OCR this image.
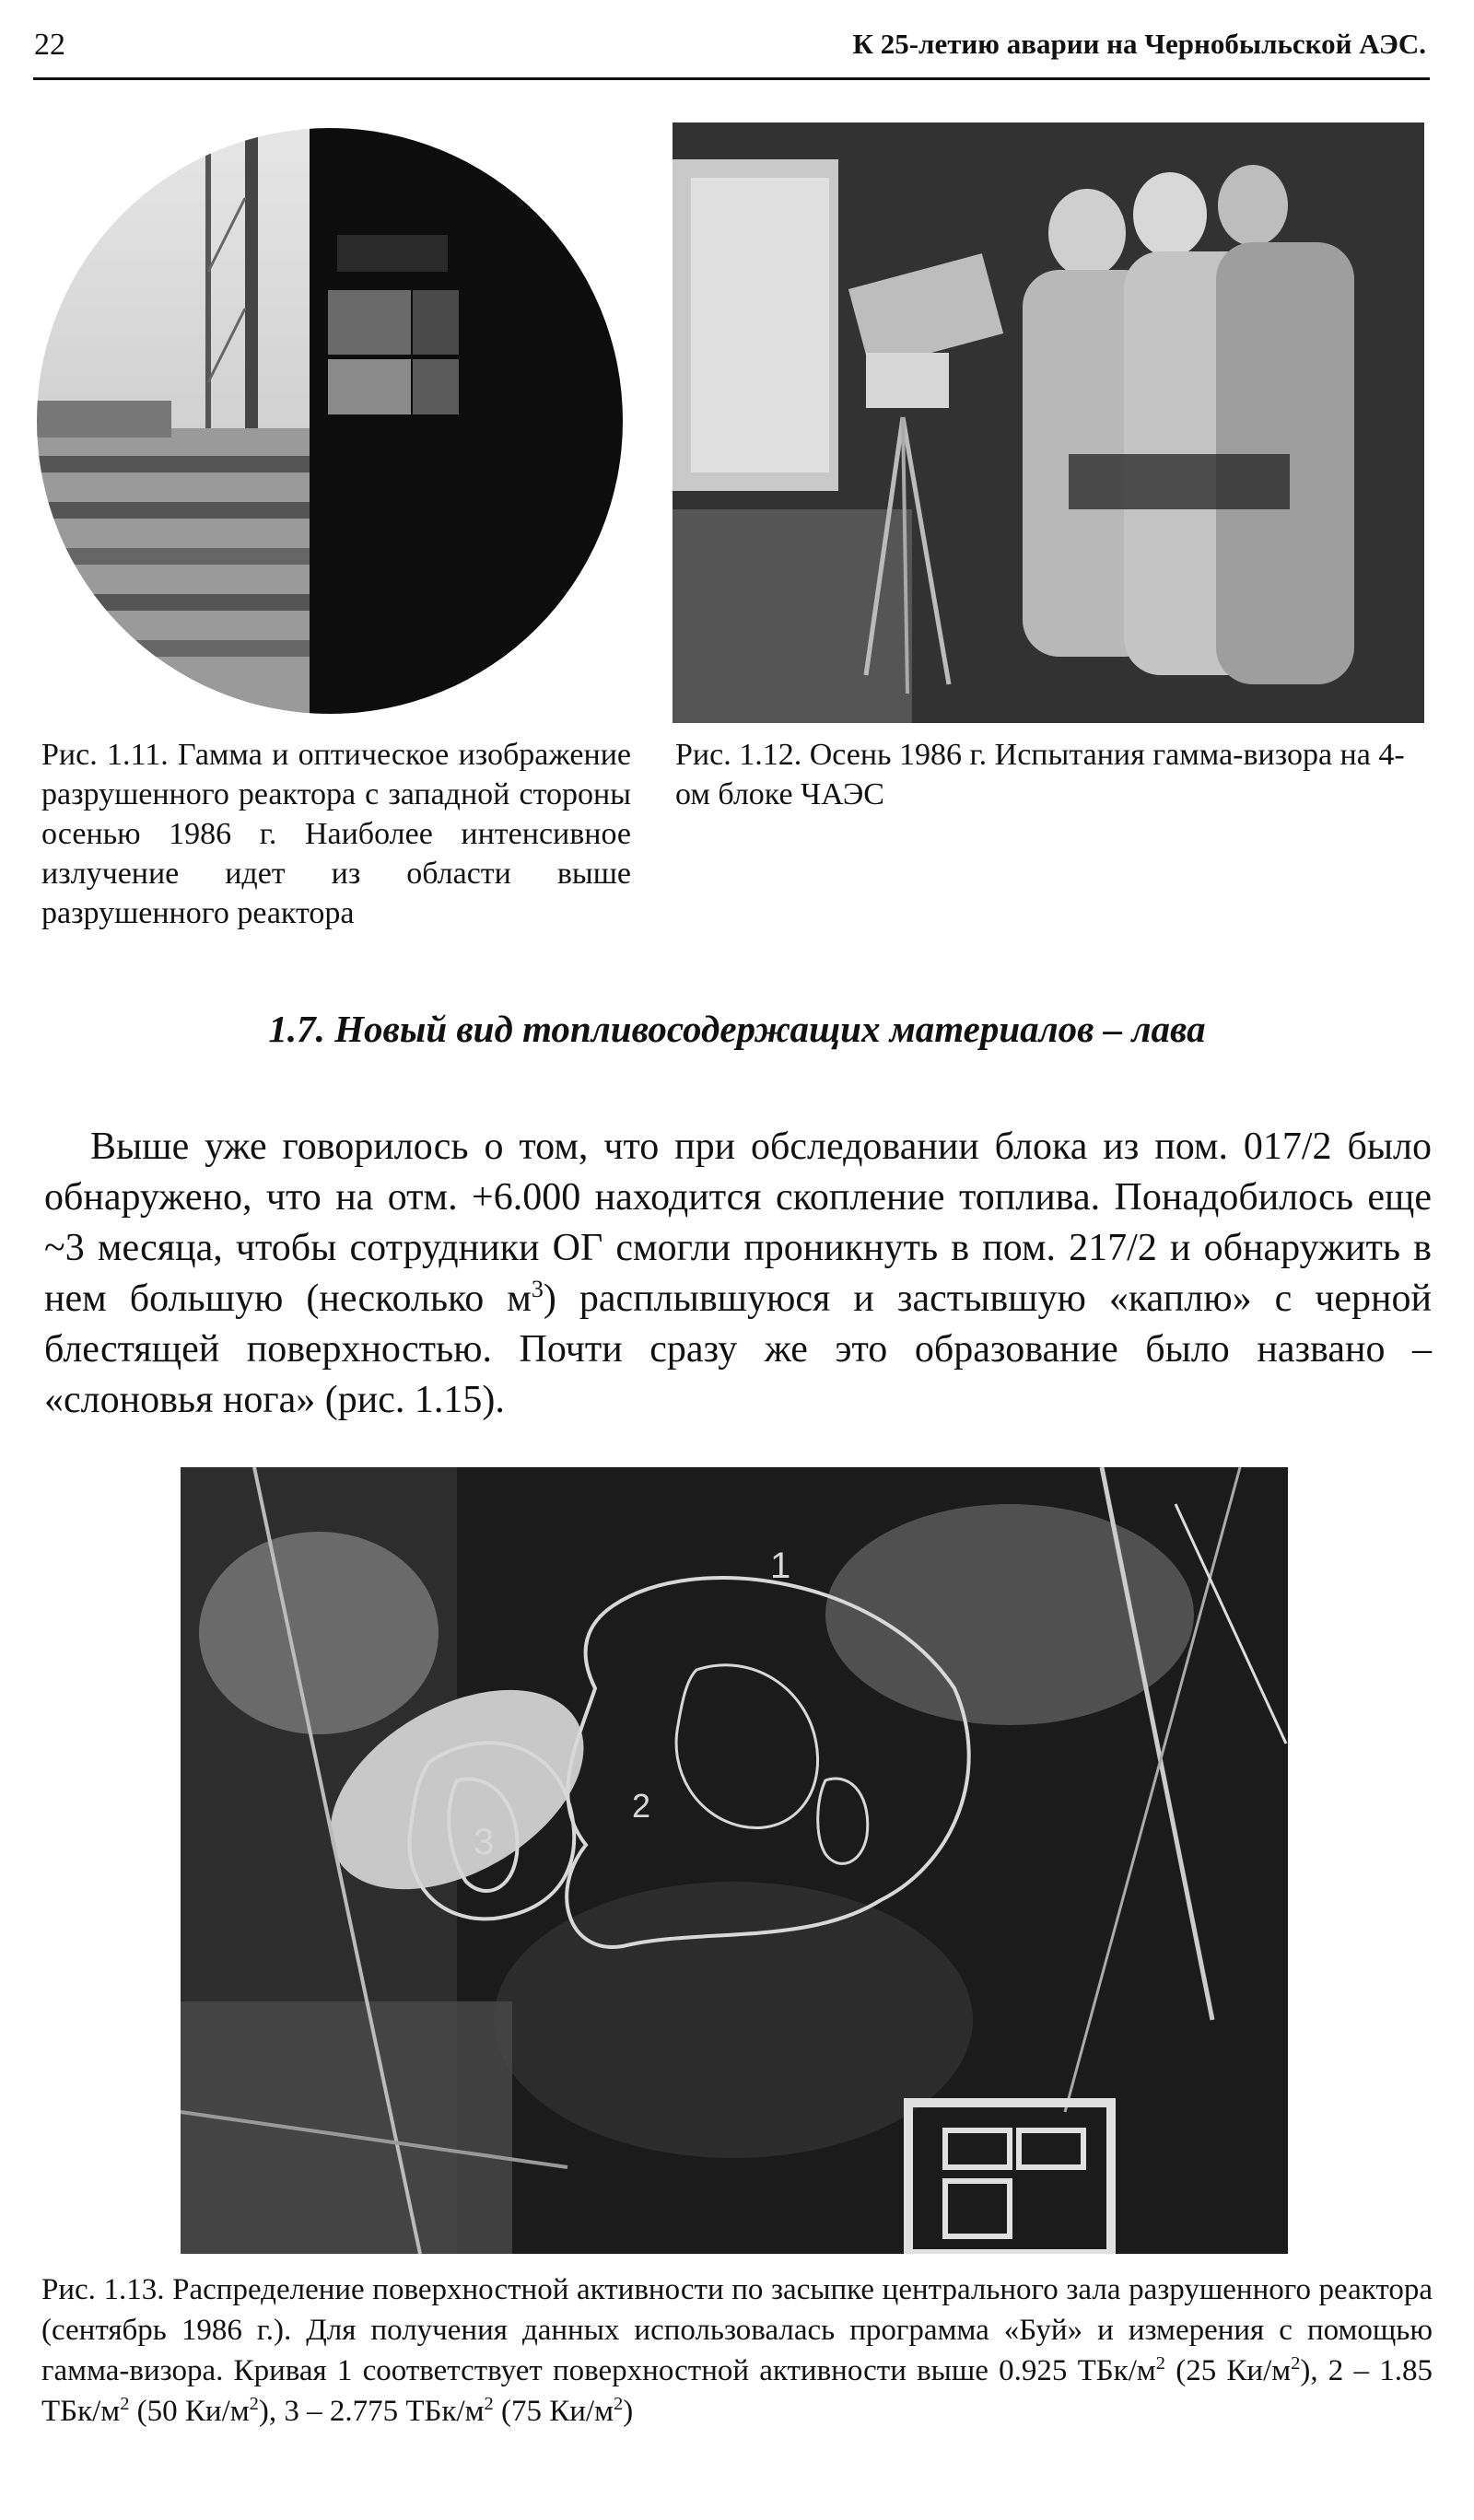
22	К 25-летию аварии на Чернобыльской АЭС.
Рис. 1.11. Гамма и оптическое изображение разрушенного реактора с западной стороны осенью 1986 г. Наиболее интенсивное излучение идет из области выше разрушенного реактора
Рис. 1.12. Осень 1986 г. Испытания гамма-визора на 4-ом блоке ЧАЭС
1.7. Новый вид топливосодержащих материалов – лава

Выше уже говорилось о том, что при обследовании блока из пом. 017/2 было обнаружено, что на отм. +6.000 находится скопление топлива. Понадобилось еще ~3 месяца, чтобы сотрудники ОГ смогли проникнуть в пом. 217/2 и обнаружить в нем большую (несколько $м^3$) расплывшуюся и застывшую «каплю» с черной блестящей поверхностью. Почти сразу же это образование было названо – «слоновья нога» (рис. 1.15).

1
2
3
Рис. 1.13. Распределение поверхностной активности по засыпке центрального зала разрушенного реактора (сентябрь 1986 г.). Для получения данных использовалась программа «Буй» и измерения с помощью гамма-визора. Кривая 1 соответствует поверхностной активности выше 0.925 ТБк/$м^2$ (25 $Ки/м^2$), 2 – 1.85 ТБк/$м^2$ (50 $Ки/м^2$), 3 – 2.775 ТБк/$м^2$ (75 $Ки/м^2$)
